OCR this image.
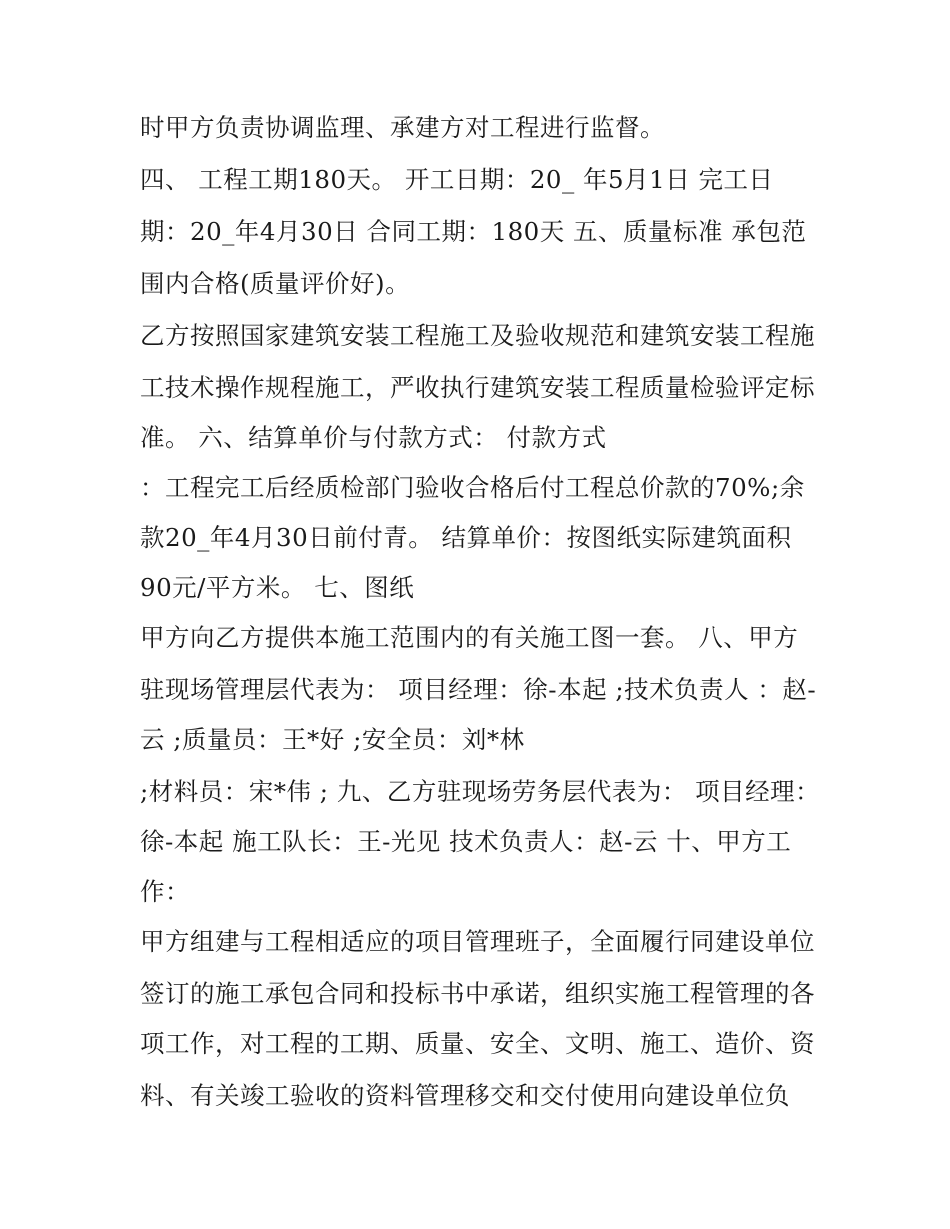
时甲方负责协调监理、承建方对工程进行监督。
四、 工程工期180天。 开工日期：20_ 年5月1日 完工日
期：20_年4月30日 合同工期：180天 五、质量标准 承包范
围内合格(质量评价好)。
乙方按照国家建筑安装工程施工及验收规范和建筑安装工程施
工技术操作规程施工，严收执行建筑安装工程质量检验评定标
准。 六、结算单价与付款方式： 付款方式
：工程完工后经质检部门验收合格后付工程总价款的70%;余
款20_年4月30日前付青。 结算单价：按图纸实际建筑面积
90元/平方米。 七、图纸
甲方向乙方提供本施工范围内的有关施工图一套。 八、甲方
驻现场管理层代表为： 项目经理：徐-本起 ;技术负责人 ：赵-
云 ;质量员：王*好 ;安全员：刘*林
;材料员：宋*伟 ; 九、乙方驻现场劳务层代表为： 项目经理：
徐-本起 施工队长：王-光见 技术负责人：赵-云 十、甲方工
作：
甲方组建与工程相适应的项目管理班子，全面履行同建设单位
签订的施工承包合同和投标书中承诺，组织实施工程管理的各
项工作，对工程的工期、质量、安全、文明、施工、造价、资
料、有关竣工验收的资料管理移交和交付使用向建设单位负
